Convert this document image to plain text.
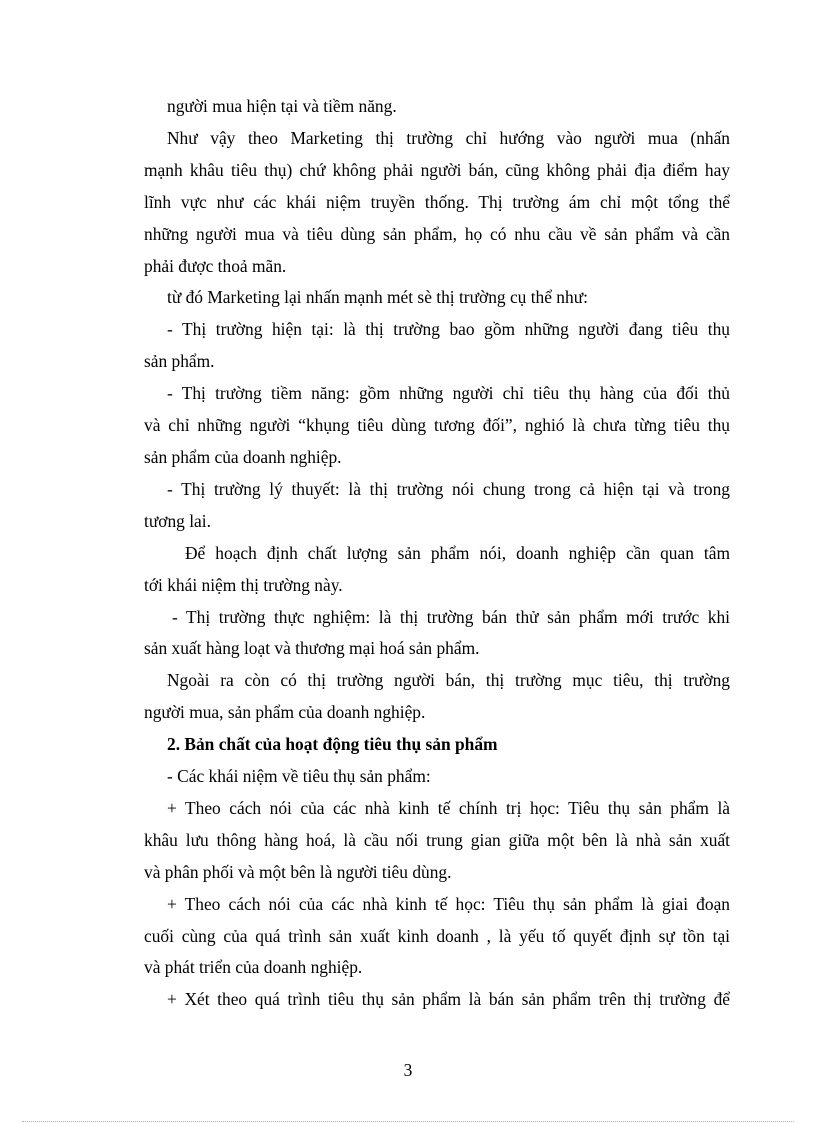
người mua hiện tại và tiềm năng.
Như vậy theo Marketing thị trường chỉ hướng vào người mua (nhấn
mạnh khâu tiêu thụ) chứ không phải người bán, cũng không phải địa điểm hay
lĩnh vực như các khái niệm truyền thống. Thị trường ám chỉ một tổng thể
những người mua và tiêu dùng sản phẩm, họ có nhu cầu về sản phẩm và cần
phải được thoả mãn.
từ đó Marketing lại nhấn mạnh mét sè thị trường cụ thể như:
- Thị trường hiện tại: là thị trường bao gồm những người đang tiêu thụ
sản phẩm.
- Thị trường tiềm năng: gồm những người chỉ tiêu thụ hàng của đối thủ
và chỉ những người “khụng tiêu dùng tương đối”, nghió là chưa từng tiêu thụ
sản phẩm của doanh nghiệp.
- Thị trường lý thuyết: là thị trường nói chung trong cả hiện tại và trong
tương lai.
Để hoạch định chất lượng sản phẩm nói, doanh nghiệp cần quan tâm
tới khái niệm thị trường này.
- Thị trường thực nghiệm: là thị trường bán thử sản phẩm mới trước khi
sản xuất hàng loạt và thương mại hoá sản phẩm.
Ngoài ra còn có thị trường người bán, thị trường mục tiêu, thị trường
người mua, sản phẩm của doanh nghiệp.
2. Bản chất của hoạt động tiêu thụ sản phẩm
- Các khái niệm về tiêu thụ sản phẩm:
+ Theo cách nói của các nhà kinh tế chính trị học: Tiêu thụ sản phẩm là
khâu lưu thông hàng hoá, là cầu nối trung gian giữa một bên là nhà sản xuất
và phân phối và một bên là người tiêu dùng.
+ Theo cách nói của các nhà kinh tế học: Tiêu thụ sản phẩm là giai đoạn
cuối cùng của quá trình sản xuất kinh doanh , là yếu tố quyết định sự tồn tại
và phát triển của doanh nghiệp.
+ Xét theo quá trình tiêu thụ sản phẩm là bán sản phẩm trên thị trường để
3
